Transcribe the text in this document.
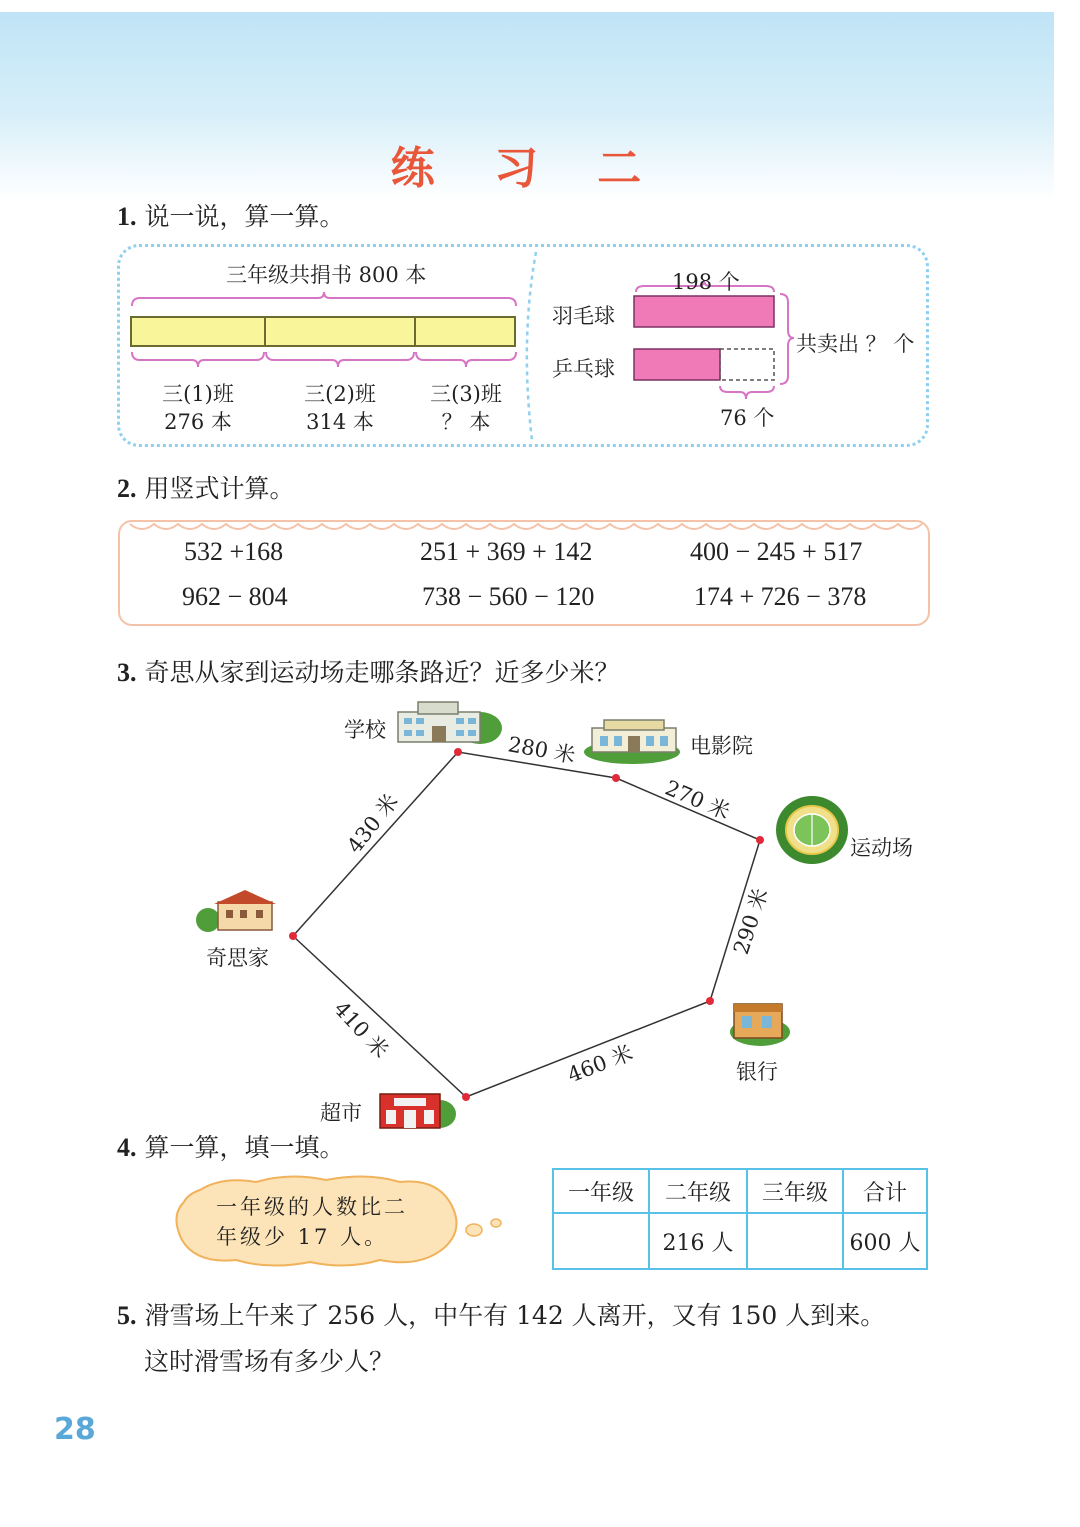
练 习 二
1. 说一说，算一算。
三年级共捐书 800 本
三(1)班
276 本
三(2)班
314 本
三(3)班
？ 本
羽毛球
乒乓球
198 个
76 个
共卖出 ？ 个
2. 用竖式计算。
532 +168	251 + 369 + 142	400 − 245 + 517
962 − 804	738 − 560 − 120	174 + 726 − 378
3. 奇思从家到运动场走哪条路近？近多少米？
学校
电影院
运动场
奇思家
银行
超市
430 米
280 米
270 米
290 米
460 米
410 米
4. 算一算，填一填。
一年级的人数比二
年级少 17 人。
一年级	二年级	三年级	合计
	216 人		600 人
5. 滑雪场上午来了 256 人，中午有 142 人离开，又有 150 人到来。
这时滑雪场有多少人？
28
